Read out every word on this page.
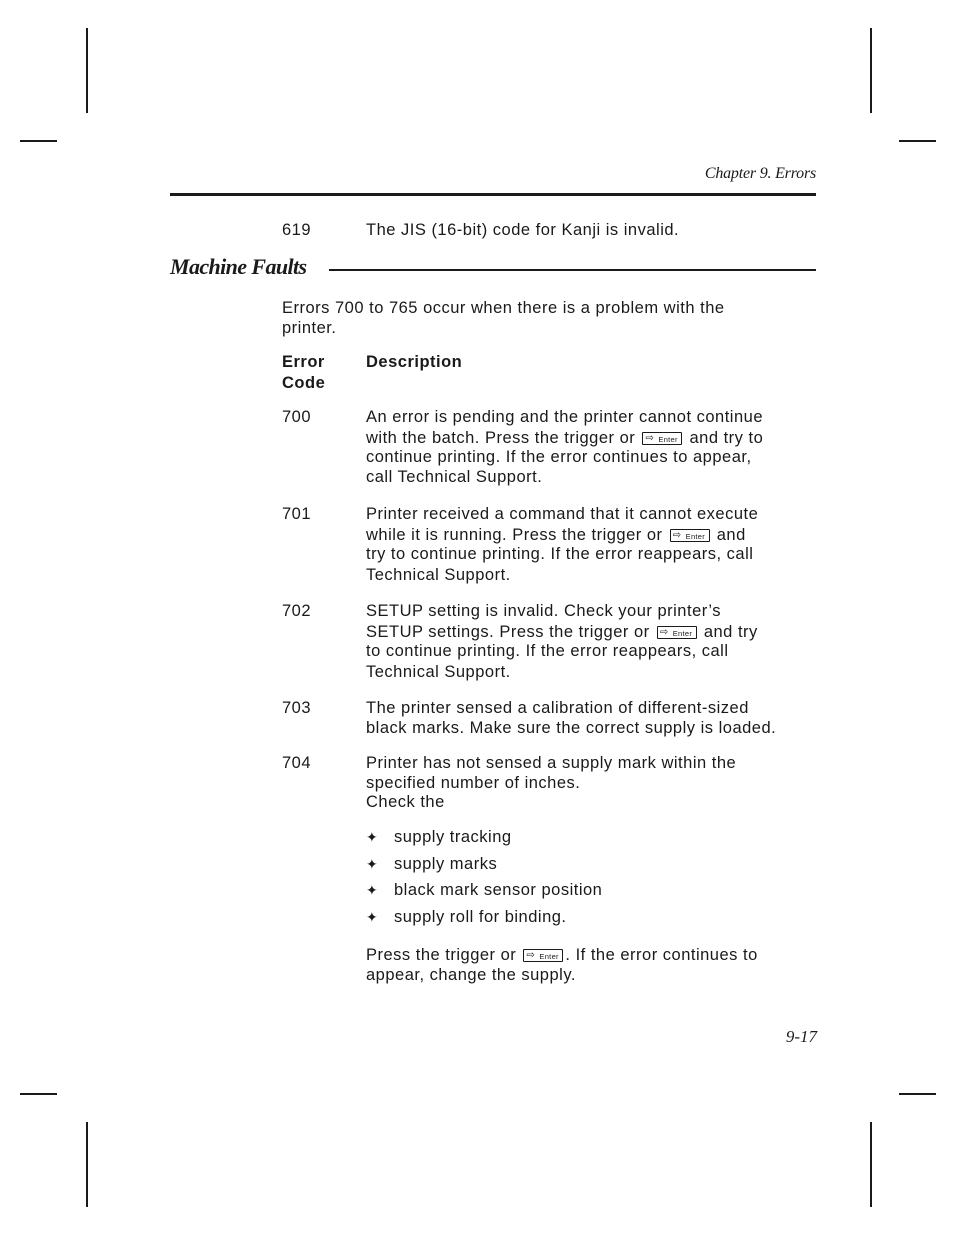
Chapter 9. Errors
619	The JIS (16-bit) code for Kanji is invalid.
Machine Faults
Errors 700 to 765 occur when there is a problem with the
printer.
Error
Code
Description
700	An error is pending and the printer cannot continue
with the batch. Press the trigger or ⇨ Enter and try to
continue printing. If the error continues to appear,
call Technical Support.
701	Printer received a command that it cannot execute
while it is running. Press the trigger or ⇨ Enter and
try to continue printing. If the error reappears, call
Technical Support.
702	SETUP setting is invalid. Check your printer’s
SETUP settings. Press the trigger or ⇨ Enter and try
to continue printing. If the error reappears, call
Technical Support.
703	The printer sensed a calibration of different-sized
black marks. Make sure the correct supply is loaded.
704	Printer has not sensed a supply mark within the
specified number of inches.
Check the
✦ supply tracking
✦ supply marks
✦ black mark sensor position
✦ supply roll for binding.
Press the trigger or ⇨ Enter . If the error continues to
appear, change the supply.
9-17
